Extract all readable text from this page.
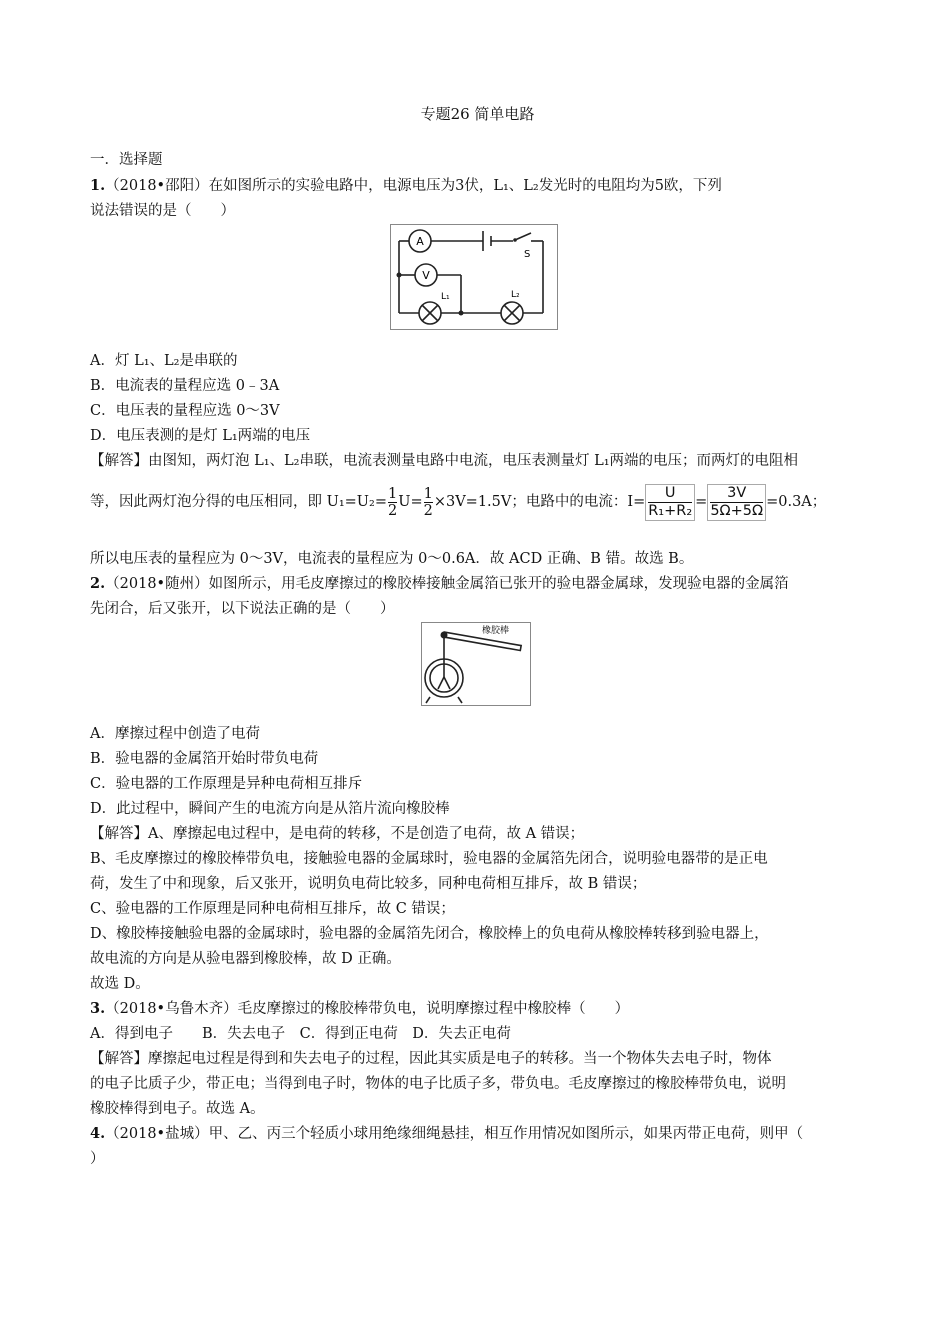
专题26 简单电路
一．选择题
1.（2018•邵阳）在如图所示的实验电路中，电源电压为3伏，L₁、L₂发光时的电阻均为5欧，下列
说法错误的是（　　）
A
V
S
L₁	L₂
A．灯 L₁、L₂是串联的
B．电流表的量程应选 0﹣3A
C．电压表的量程应选 0～3V
D．电压表测的是灯 L₁两端的电压
【解答】由图知，两灯泡 L₁、L₂串联，电流表测量电路中电流，电压表测量灯 L₁两端的电压；而两灯的电阻相
等，因此两灯泡分得的电压相同，即 $U_1=U_2= \frac{1}{2} U= \frac{1}{2} \times 3V=1.5V$；电路中的电流：$I= \frac{U}{\text{R₁+R₂}} = \frac{3V}{5\Omega+5\Omega} =0.3A$；
所以电压表的量程应为 0～3V，电流表的量程应为 0～0.6A．故 ACD 正确、B 错。故选 B。
2.（2018•随州）如图所示，用毛皮摩擦过的橡胶棒接触金属箔已张开的验电器金属球，发现验电器的金属箔
先闭合，后又张开，以下说法正确的是（　　）
橡胶棒
A．摩擦过程中创造了电荷
B．验电器的金属箔开始时带负电荷
C．验电器的工作原理是异种电荷相互排斥
D．此过程中，瞬间产生的电流方向是从箔片流向橡胶棒
【解答】A、摩擦起电过程中，是电荷的转移，不是创造了电荷，故 A 错误；
B、毛皮摩擦过的橡胶棒带负电，接触验电器的金属球时，验电器的金属箔先闭合，说明验电器带的是正电
荷，发生了中和现象，后又张开，说明负电荷比较多，同种电荷相互排斥，故 B 错误；
C、验电器的工作原理是同种电荷相互排斥，故 C 错误；
D、橡胶棒接触验电器的金属球时，验电器的金属箔先闭合，橡胶棒上的负电荷从橡胶棒转移到验电器上，
故电流的方向是从验电器到橡胶棒，故 D 正确。
故选 D。
3.（2018•乌鲁木齐）毛皮摩擦过的橡胶棒带负电，说明摩擦过程中橡胶棒（　　）
A．得到电子　　B．失去电子　C．得到正电荷　D．失去正电荷
【解答】摩擦起电过程是得到和失去电子的过程，因此其实质是电子的转移。当一个物体失去电子时，物体
的电子比质子少，带正电；当得到电子时，物体的电子比质子多，带负电。毛皮摩擦过的橡胶棒带负电，说明
橡胶棒得到电子。故选 A。
4.（2018•盐城）甲、乙、丙三个轻质小球用绝缘细绳悬挂，相互作用情况如图所示，如果丙带正电荷，则甲（
）
